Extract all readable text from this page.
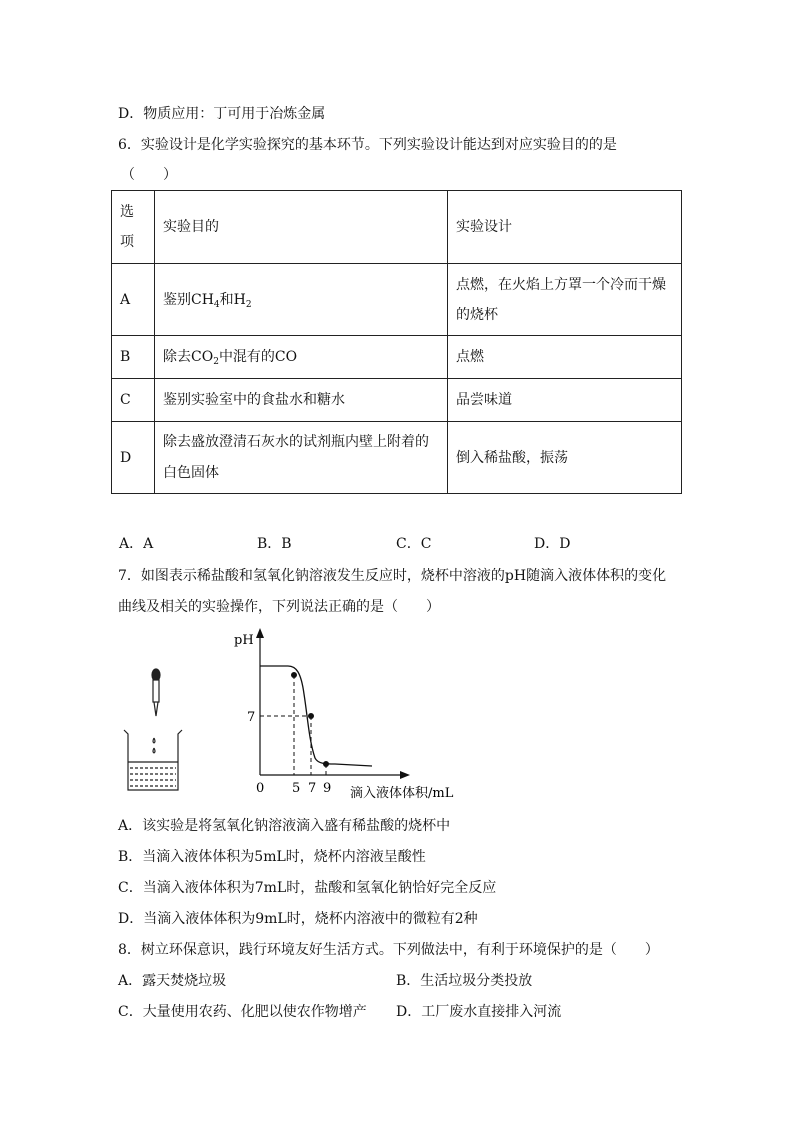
D．物质应用：丁可用于冶炼金属
6．实验设计是化学实验探究的基本环节。下列实验设计能达到对应实验目的的是
（　　）
选项	实验目的	实验设计
A	鉴别$CH_4$和$H_2$	点燃，在火焰上方罩一个冷而干燥的烧杯

B	除去$CO_2$中混有的CO	点燃
C	鉴别实验室中的食盐水和糖水	品尝味道
D	除去盛放澄清石灰水的试剂瓶内壁上附着的白色固体	倒入稀盐酸，振荡
A．A	B．B	C．C	D．D
7．如图表示稀盐酸和氢氧化钠溶液发生反应时，烧杯中溶液的pH随滴入液体体积的变化
曲线及相关的实验操作，下列说法正确的是（　　）
pH
滴入液体体积/mL
0 5 7 9
7
A．该实验是将氢氧化钠溶液滴入盛有稀盐酸的烧杯中
B．当滴入液体体积为5mL时，烧杯内溶液呈酸性
C．当滴入液体体积为7mL时，盐酸和氢氧化钠恰好完全反应
D．当滴入液体体积为9mL时，烧杯内溶液中的微粒有2种
8．树立环保意识，践行环境友好生活方式。下列做法中，有利于环境保护的是（　　）
A．露天焚烧垃圾	B．生活垃圾分类投放
C．大量使用农药、化肥以使农作物增产 D．工厂废水直接排入河流
